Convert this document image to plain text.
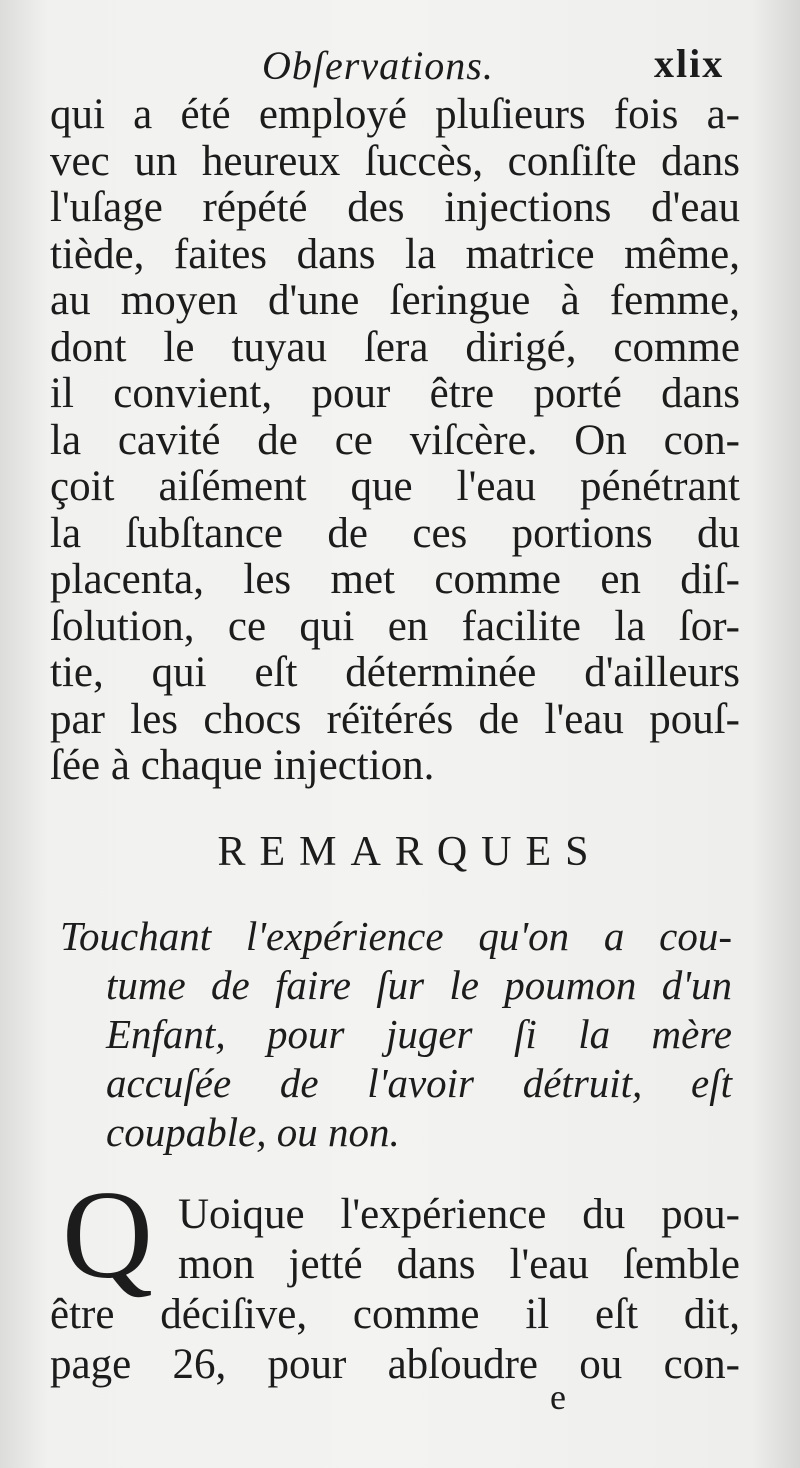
Obſervations.	xlix
qui a été employé pluſieurs fois a-
vec un heureux ſuccès, conſiſte dans
l'uſage répété des injections d'eau
tiède, faites dans la matrice même,
au moyen d'une ſeringue à femme,
dont le tuyau ſera dirigé, comme
il convient, pour être porté dans
la cavité de ce viſcère. On con-
çoit aiſément que l'eau pénétrant
la ſubſtance de ces portions du
placenta, les met comme en diſ-
ſolution, ce qui en facilite la ſor-
tie, qui eſt déterminée d'ailleurs
par les chocs réïtérés de l'eau pouſ-
ſée à chaque injection.
REMARQUES
Touchant l'expérience qu'on a cou-
tume de faire ſur le poumon d'un
Enfant, pour juger ſi la mère
accuſée de l'avoir détruit, eſt
coupable, ou non.
Q Uoique l'expérience du pou-
mon jetté dans l'eau ſemble
être déciſive, comme il eſt dit,
page 26, pour abſoudre ou con-
e
